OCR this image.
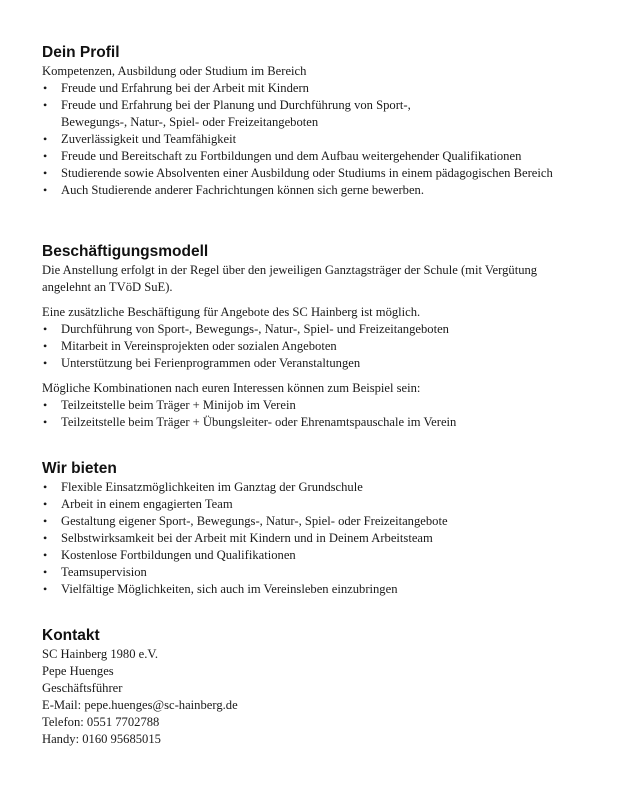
Dein Profil

Kompetenzen, Ausbildung oder Studium im Bereich

• Freude und Erfahrung bei der Arbeit mit Kindern
• Freude und Erfahrung bei der Planung und Durchführung von Sport-, Bewegungs-, Natur-, Spiel- oder Freizeitangeboten
• Zuverlässigkeit und Teamfähigkeit
• Freude und Bereitschaft zu Fortbildungen und dem Aufbau weitergehender Qualifikationen
• Studierende sowie Absolventen einer Ausbildung oder Studiums in einem pädagogischen Bereich
• Auch Studierende anderer Fachrichtungen können sich gerne bewerben.
Beschäftigungsmodell

Die Anstellung erfolgt in der Regel über den jeweiligen Ganztagsträger der Schule (mit Vergütung angelehnt an TVöD SuE).

Eine zusätzliche Beschäftigung für Angebote des SC Hainberg ist möglich.

• Durchführung von Sport-, Bewegungs-, Natur-, Spiel- und Freizeitangeboten
• Mitarbeit in Vereinsprojekten oder sozialen Angeboten
• Unterstützung bei Ferienprogrammen oder Veranstaltungen

Mögliche Kombinationen nach euren Interessen können zum Beispiel sein:

• Teilzeitstelle beim Träger + Minijob im Verein
• Teilzeitstelle beim Träger + Übungsleiter- oder Ehrenamtspauschale im Verein
Wir bieten
• Flexible Einsatzmöglichkeiten im Ganztag der Grundschule
• Arbeit in einem engagierten Team
• Gestaltung eigener Sport-, Bewegungs-, Natur-, Spiel- oder Freizeitangebote
• Selbstwirksamkeit bei der Arbeit mit Kindern und in Deinem Arbeitsteam
• Kostenlose Fortbildungen und Qualifikationen
• Teamsupervision
• Vielfältige Möglichkeiten, sich auch im Vereinsleben einzubringen
Kontakt

SC Hainberg 1980 e.V.

Pepe Huenges

Geschäftsführer

E-Mail: pepe.huenges@sc-hainberg.de

Telefon: 0551 7702788

Handy: 0160 95685015
